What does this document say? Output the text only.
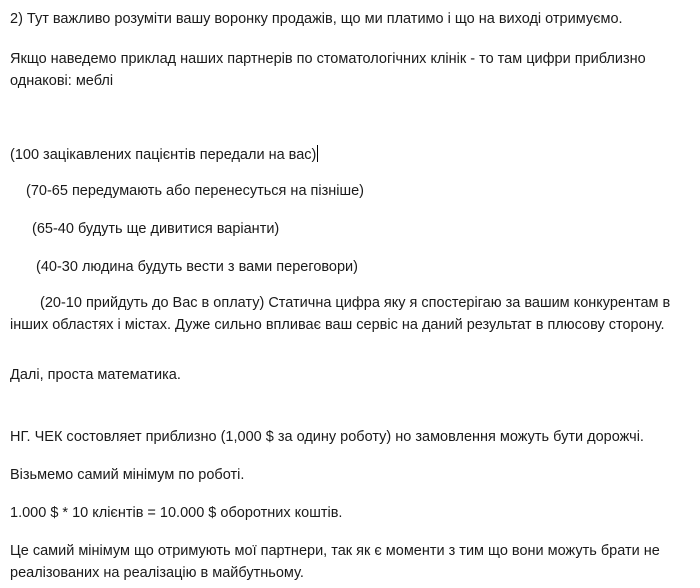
2) Тут важливо розуміти вашу воронку продажів, що ми платимо і що на виході отримуємо.
Якщо наведемо приклад наших партнерів по стоматологічних клінік - то там цифри приблизно однакові: меблі
(100 зацікавлених пацієнтів передали на вас)
(70-65 передумають або перенесуться на пізніше)
(65-40 будуть ще дивитися варіанти)
(40-30 людина будуть вести з вами переговори)
(20-10 прийдуть до Вас в оплату) Статична цифра яку я спостерігаю за вашим конкурентам в інших областях і містах. Дуже сильно впливає ваш сервіс на даний результат в плюсову сторону.
Далі, проста математика.
НГ. ЧЕК состовляет приблизно (1,000 $ за одину роботу) но замовлення можуть бути дорожчі.
Візьмемо самий мінімум по роботі.
1.000 $ * 10 клієнтів = 10.000 $ оборотних коштів.
Це самий мінімум що отримують мої партнери, так як є моменти з тим що вони можуть брати не реалізованих на реалізацію в майбутньому.
